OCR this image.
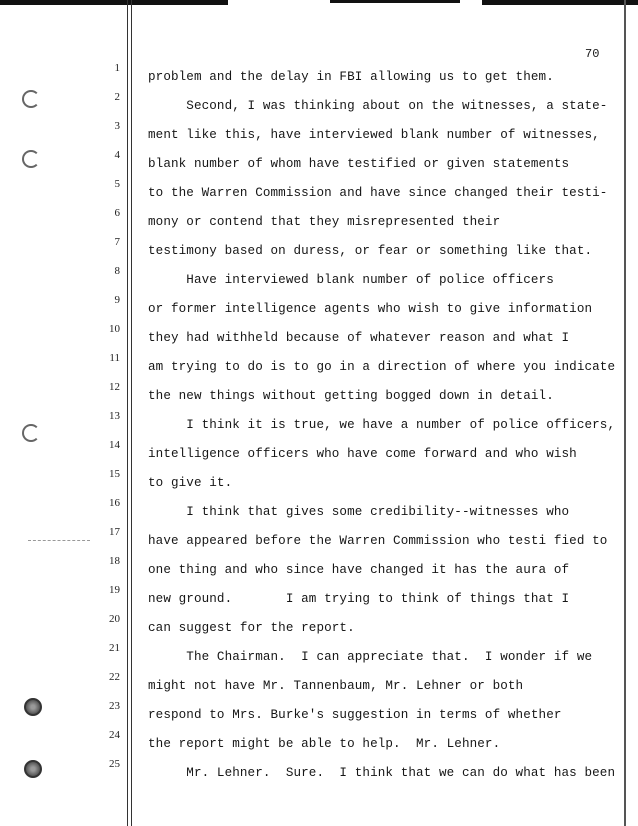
70
1
2
3
4
5
6
7
8
9
10
11
12
13
14
15
16
17
18
19
20
21
22
23
24
25
problem and the delay in FBI allowing us to get them.
Second, I was thinking about on the witnesses, a state-
ment like this, have interviewed blank number of witnesses,
blank number of whom have testified or given statements
to the Warren Commission and have since changed their testi-
mony or contend that they misrepresented their
testimony based on duress, or fear or something like that.
Have interviewed blank number of police officers
or former intelligence agents who wish to give information
they had withheld because of whatever reason and what I
am trying to do is to go in a direction of where you indicate
the new things without getting bogged down in detail.
I think it is true, we have a number of police officers,
intelligence officers who have come forward and who wish
to give it.
I think that gives some credibility--witnesses who
have appeared before the Warren Commission who testi fied to
one thing and who since have changed it has the aura of
new ground.       I am trying to think of things that I
can suggest for the report.
The Chairman.  I can appreciate that.  I wonder if we
might not have Mr. Tannenbaum, Mr. Lehner or both
respond to Mrs. Burke's suggestion in terms of whether
the report might be able to help.  Mr. Lehner.
Mr. Lehner.  Sure.  I think that we can do what has been
